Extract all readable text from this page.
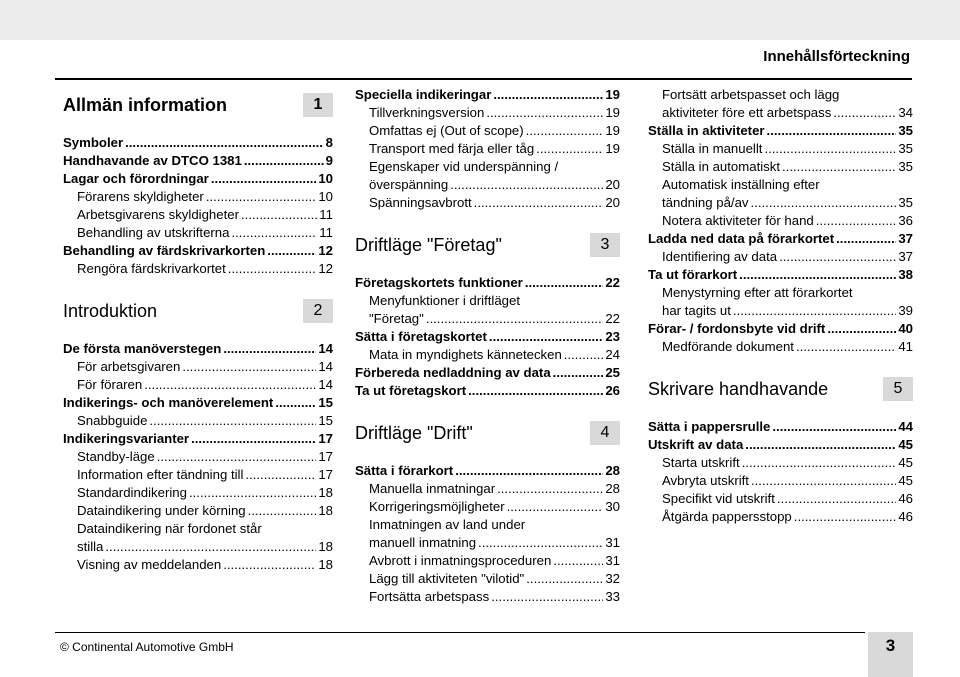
Innehållsförteckning
Allmän information	1
Symboler .....	8
Handhavande av DTCO 1381 .....	9
Lagar och förordningar .....	10
Förarens skyldigheter .....	10
Arbetsgivarens skyldigheter .....	11
Behandling av utskrifterna .....	11
Behandling av färdskrivarkorten .....	12
Rengöra färdskrivarkortet .....	12
Introduktion	2
De första manöverstegen .....	14
För arbetsgivaren .....	14
För föraren .....	14
Indikerings- och manöverelement .....	15
Snabbguide .....	15
Indikeringsvarianter .....	17
Standby-läge .....	17
Information efter tändning till .....	17
Standardindikering .....	18
Dataindikering under körning .....	18
Dataindikering när fordonet står
stilla .....	18
Visning av meddelanden .....	18
Speciella indikeringar .....	19
Tillverkningsversion .....	19
Omfattas ej (Out of scope) .....	19
Transport med färja eller tåg .....	19
Egenskaper vid underspänning /
överspänning .....	20
Spänningsavbrott .....	20
Driftläge "Företag"	3
Företagskortets funktioner .....	22
Menyfunktioner i driftläget
"Företag" .....	22
Sätta i företagskortet .....	23
Mata in myndighets kännetecken .....	24
Förbereda nedladdning av data .....	25
Ta ut företagskort .....	26
Driftläge "Drift"	4
Sätta i förarkort .....	28
Manuella inmatningar .....	28
Korrigeringsmöjligheter .....	30
Inmatningen av land under
manuell inmatning .....	31
Avbrott i inmatningsproceduren .....	31
Lägg till aktiviteten "vilotid" .....	32
Fortsätta arbetspass .....	33
Fortsätt arbetspasset och lägg
aktiviteter före ett arbetspass .....	34
Ställa in aktiviteter .....	35
Ställa in manuellt .....	35
Ställa in automatiskt .....	35
Automatisk inställning efter
tändning på/av .....	35
Notera aktiviteter för hand .....	36
Ladda ned data på förarkortet .....	37
Identifiering av data .....	37
Ta ut förarkort .....	38
Menystyrning efter att förarkortet
har tagits ut .....	39
Förar- / fordonsbyte vid drift .....	40
Medförande dokument .....	41
Skrivare handhavande	5
Sätta i pappersrulle .....	44
Utskrift av data .....	45
Starta utskrift .....	45
Avbryta utskrift .....	45
Specifikt vid utskrift .....	46
Åtgärda pappersstopp .....	46
© Continental Automotive GmbH	3
